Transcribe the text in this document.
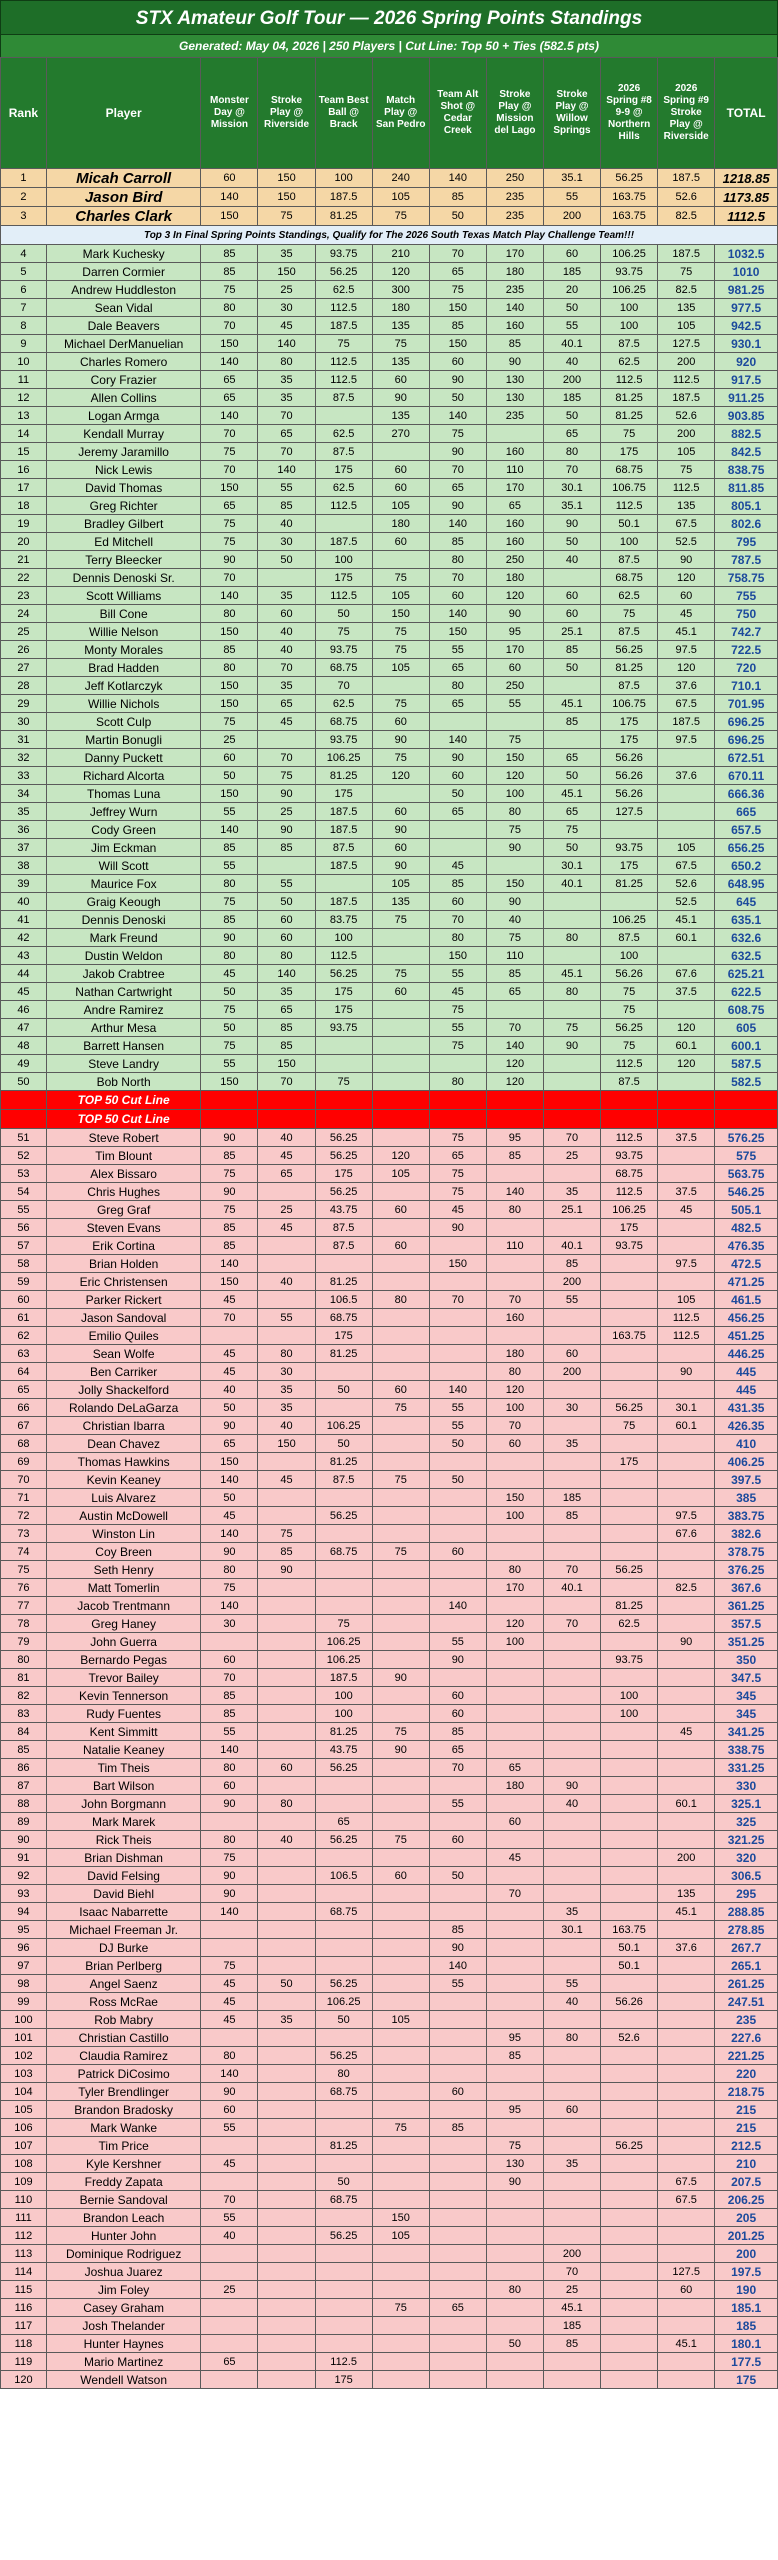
STX Amateur Golf Tour — 2026 Spring Points Standings
Generated: May 04, 2026 | 250 Players | Cut Line: Top 50 + Ties (582.5 pts)
Rank	Player	Monster Day @ Mission	Stroke Play @ Riverside	Team Best Ball @ Brack	Match Play @ San Pedro	Team Alt Shot @ Cedar Creek	Stroke Play @ Mission del Lago	Stroke Play @ Willow Springs	2026 Spring #8 9-9 @ Northern Hills	2026 Spring #9 Stroke Play @ Riverside	TOTAL
1	Micah Carroll	60	150	100	240	140	250	35.1	56.25	187.5	1218.85
2	Jason Bird	140	150	187.5	105	85	235	55	163.75	52.6	1173.85
3	Charles Clark	150	75	81.25	75	50	235	200	163.75	82.5	1112.5
Top 3 In Final Spring Points Standings, Qualify for The 2026 South Texas Match Play Challenge Team!!!											
4	Mark Kuchesky	85	35	93.75	210	70	170	60	106.25	187.5	1032.5
5	Darren Cormier	85	150	56.25	120	65	180	185	93.75	75	1010
6	Andrew Huddleston	75	25	62.5	300	75	235	20	106.25	82.5	981.25
7	Sean Vidal	80	30	112.5	180	150	140	50	100	135	977.5
8	Dale Beavers	70	45	187.5	135	85	160	55	100	105	942.5
9	Michael DerManuelian	150	140	75	75	150	85	40.1	87.5	127.5	930.1
10	Charles Romero	140	80	112.5	135	60	90	40	62.5	200	920
11	Cory Frazier	65	35	112.5	60	90	130	200	112.5	112.5	917.5
12	Allen Collins	65	35	87.5	90	50	130	185	81.25	187.5	911.25
13	Logan Armga	140	70		135	140	235	50	81.25	52.6	903.85
14	Kendall Murray	70	65	62.5	270	75		65	75	200	882.5
15	Jeremy Jaramillo	75	70	87.5		90	160	80	175	105	842.5
16	Nick Lewis	70	140	175	60	70	110	70	68.75	75	838.75
17	David Thomas	150	55	62.5	60	65	170	30.1	106.75	112.5	811.85
18	Greg Richter	65	85	112.5	105	90	65	35.1	112.5	135	805.1
19	Bradley Gilbert	75	40		180	140	160	90	50.1	67.5	802.6
20	Ed Mitchell	75	30	187.5	60	85	160	50	100	52.5	795
21	Terry Bleecker	90	50	100		80	250	40	87.5	90	787.5
22	Dennis Denoski Sr.	70		175	75	70	180		68.75	120	758.75
23	Scott Williams	140	35	112.5	105	60	120	60	62.5	60	755
24	Bill Cone	80	60	50	150	140	90	60	75	45	750
25	Willie Nelson	150	40	75	75	150	95	25.1	87.5	45.1	742.7
26	Monty Morales	85	40	93.75	75	55	170	85	56.25	97.5	722.5
27	Brad Hadden	80	70	68.75	105	65	60	50	81.25	120	720
28	Jeff Kotlarczyk	150	35	70		80	250		87.5	37.6	710.1
29	Willie Nichols	150	65	62.5	75	65	55	45.1	106.75	67.5	701.95
30	Scott Culp	75	45	68.75	60			85	175	187.5	696.25
31	Martin Bonugli	25		93.75	90	140	75		175	97.5	696.25
32	Danny Puckett	60	70	106.25	75	90	150	65	56.26		672.51
33	Richard Alcorta	50	75	81.25	120	60	120	50	56.26	37.6	670.11
34	Thomas Luna	150	90	175		50	100	45.1	56.26		666.36
35	Jeffrey Wurn	55	25	187.5	60	65	80	65	127.5		665
36	Cody Green	140	90	187.5	90		75	75			657.5
37	Jim Eckman	85	85	87.5	60		90	50	93.75	105	656.25
38	Will Scott	55		187.5	90	45		30.1	175	67.5	650.2
39	Maurice Fox	80	55		105	85	150	40.1	81.25	52.6	648.95
40	Graig Keough	75	50	187.5	135	60	90			52.5	645
41	Dennis Denoski	85	60	83.75	75	70	40		106.25	45.1	635.1
42	Mark Freund	90	60	100		80	75	80	87.5	60.1	632.6
43	Dustin Weldon	80	80	112.5		150	110		100		632.5
44	Jakob Crabtree	45	140	56.25	75	55	85	45.1	56.26	67.6	625.21
45	Nathan Cartwright	50	35	175	60	45	65	80	75	37.5	622.5
46	Andre Ramirez	75	65	175		75			75		608.75
47	Arthur Mesa	50	85	93.75		55	70	75	56.25	120	605
48	Barrett Hansen	75	85			75	140	90	75	60.1	600.1
49	Steve Landry	55	150				120		112.5	120	587.5
50	Bob North	150	70	75		80	120		87.5		582.5
	TOP 50 Cut Line										
	TOP 50 Cut Line										
51	Steve Robert	90	40	56.25		75	95	70	112.5	37.5	576.25
52	Tim Blount	85	45	56.25	120	65	85	25	93.75		575
53	Alex Bissaro	75	65	175	105	75			68.75		563.75
54	Chris Hughes	90		56.25		75	140	35	112.5	37.5	546.25
55	Greg Graf	75	25	43.75	60	45	80	25.1	106.25	45	505.1
56	Steven Evans	85	45	87.5		90			175		482.5
57	Erik Cortina	85		87.5	60		110	40.1	93.75		476.35
58	Brian Holden	140				150		85		97.5	472.5
59	Eric Christensen	150	40	81.25				200			471.25
60	Parker Rickert	45		106.5	80	70	70	55		105	461.5
61	Jason Sandoval	70	55	68.75			160			112.5	456.25
62	Emilio Quiles			175					163.75	112.5	451.25
63	Sean Wolfe	45	80	81.25			180	60			446.25
64	Ben Carriker	45	30				80	200		90	445
65	Jolly Shackelford	40	35	50	60	140	120				445
66	Rolando DeLaGarza	50	35		75	55	100	30	56.25	30.1	431.35
67	Christian Ibarra	90	40	106.25		55	70		75	60.1	426.35
68	Dean Chavez	65	150	50		50	60	35			410
69	Thomas Hawkins	150		81.25					175		406.25
70	Kevin Keaney	140	45	87.5	75	50					397.5
71	Luis Alvarez	50					150	185			385
72	Austin McDowell	45		56.25			100	85		97.5	383.75
73	Winston Lin	140	75							67.6	382.6
74	Coy Breen	90	85	68.75	75	60					378.75
75	Seth Henry	80	90				80	70	56.25		376.25
76	Matt Tomerlin	75					170	40.1		82.5	367.6
77	Jacob Trentmann	140				140			81.25		361.25
78	Greg Haney	30		75			120	70	62.5		357.5
79	John Guerra			106.25		55	100			90	351.25
80	Bernardo Pegas	60		106.25		90			93.75		350
81	Trevor Bailey	70		187.5	90						347.5
82	Kevin Tennerson	85		100		60			100		345
83	Rudy Fuentes	85		100		60			100		345
84	Kent Simmitt	55		81.25	75	85				45	341.25
85	Natalie Keaney	140		43.75	90	65					338.75
86	Tim Theis	80	60	56.25		70	65				331.25
87	Bart Wilson	60					180	90			330
88	John Borgmann	90	80			55		40		60.1	325.1
89	Mark Marek			65			60				325
90	Rick Theis	80	40	56.25	75	60					321.25
91	Brian Dishman	75					45			200	320
92	David Felsing	90		106.5	60	50					306.5
93	David Biehl	90					70			135	295
94	Isaac Nabarrette	140		68.75				35		45.1	288.85
95	Michael Freeman Jr.					85		30.1	163.75		278.85
96	DJ Burke					90			50.1	37.6	267.7
97	Brian Perlberg	75				140			50.1		265.1
98	Angel Saenz	45	50	56.25		55		55			261.25
99	Ross McRae	45		106.25				40	56.26		247.51
100	Rob Mabry	45	35	50	105						235
101	Christian Castillo						95	80	52.6		227.6
102	Claudia Ramirez	80		56.25			85				221.25
103	Patrick DiCosimo	140		80							220
104	Tyler Brendlinger	90		68.75		60					218.75
105	Brandon Bradosky	60					95	60			215
106	Mark Wanke	55			75	85					215
107	Tim Price			81.25			75		56.25		212.5
108	Kyle Kershner	45					130	35			210
109	Freddy Zapata			50			90			67.5	207.5
110	Bernie Sandoval	70		68.75						67.5	206.25
111	Brandon Leach	55			150						205
112	Hunter John	40		56.25	105						201.25
113	Dominique Rodriguez							200			200
114	Joshua Juarez							70		127.5	197.5
115	Jim Foley	25					80	25		60	190
116	Casey Graham				75	65		45.1			185.1
117	Josh Thelander							185			185
118	Hunter Haynes						50	85		45.1	180.1
119	Mario Martinez	65		112.5							177.5
120	Wendell Watson			175							175
